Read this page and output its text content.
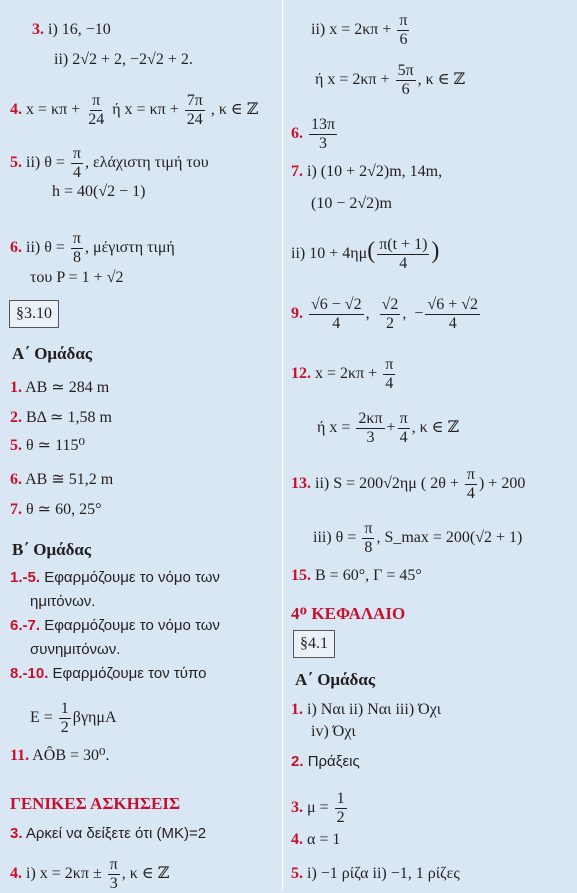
3. i) 16, −10
ii) 2√2 + 2, −2√2 + 2.
4. $x = \kappa\pi + \frac{\pi}{24}$ ή $x = \kappa\pi + \frac{7\pi}{24}$ , κ ∈ ℤ
5. ii) $\theta = \frac{\pi}{4}$ , ελάχιστη τιμή του
h = 40(√2 − 1)
6. ii) $\theta = \frac{\pi}{8}$ , μέγιστη τιμή
του P = 1 + √2
§3.10
Α΄ Ομάδας
1. AB ≃ 284 m
2. BΔ ≃ 1,58 m
5. θ ≃ 115⁰
6. AB ≅ 51,2 m
7. θ ≃ 60, 25°
Β΄ Ομάδας
1.-5. Εφαρμόζουμε το νόμο των
ημιτόνων.
6.-7. Εφαρμόζουμε το νόμο των
συνημιτόνων.
8.-10. Εφαρμόζουμε τον τύπο
$E = \frac{1}{2}$ βγημA
11. AÔB = 30⁰.
ΓΕΝΙΚΕΣ ΑΣΚΗΣΕΙΣ
3. Αρκεί να δείξετε ότι (MK)=2
4. i) $x = 2\kappa\pi \pm \frac{\pi}{3}$ , κ ∈ ℤ
ii) $x = 2\kappa\pi + \frac{\pi}{6}$
ή $x = 2\kappa\pi + \frac{5\pi}{6}$ , κ ∈ ℤ
6. $\frac{13\pi}{3}$
7. i) (10 + 2√2)m, 14m,
(10 − 2√2)m
ii) $10 + 4\eta\mu( \frac{\pi(t + 1)}{4}$ )
9. $\frac{√6 - √2}{4}$ , $\frac{√2}{2}$ ,  − $\frac{√6 + √2}{4}$
12. $x = 2\kappa\pi + \frac{\pi}{4}$
ή $x = \frac{2\kappa\pi}{3} + \frac{\pi}{4}$ , κ ∈ ℤ
13. ii) S = 200√2ημ ( $2\theta + \frac{\pi}{4}$ ) + 200
iii) $\theta = \frac{\pi}{8}$ , S_max = 200(√2 + 1)
15. B = 60°, Γ = 45°
4ᴼ ΚΕΦΑΛΑΙΟ
§4.1
Α΄ Ομάδας
1. i) Ναι ii) Ναι iii) Όχι
iv) Όχι
2. Πράξεις
3. $\mu = \frac{1}{2}$
4. α = 1
5. i) −1 ρίζα ii) −1, 1 ρίζες
